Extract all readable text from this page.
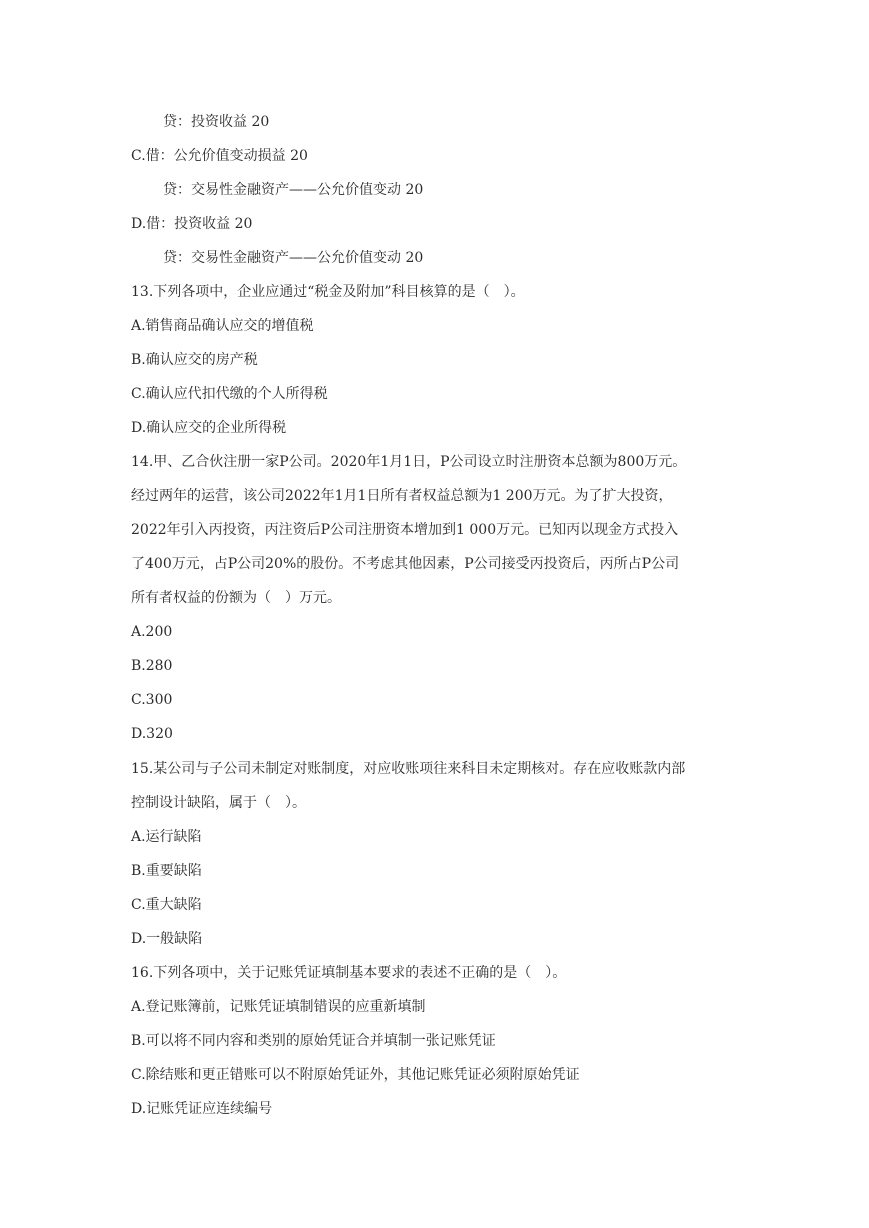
贷：投资收益 20
C.借：公允价值变动损益 20
贷：交易性金融资产——公允价值变动 20
D.借：投资收益 20
贷：交易性金融资产——公允价值变动 20
13.下列各项中，企业应通过“税金及附加”科目核算的是（　）。
A.销售商品确认应交的增值税
B.确认应交的房产税
C.确认应代扣代缴的个人所得税
D.确认应交的企业所得税
14.甲、乙合伙注册一家P公司。2020年1月1日，P公司设立时注册资本总额为800万元。
经过两年的运营，该公司2022年1月1日所有者权益总额为1 200万元。为了扩大投资，
2022年引入丙投资，丙注资后P公司注册资本增加到1 000万元。已知丙以现金方式投入
了400万元，占P公司20%的股份。不考虑其他因素，P公司接受丙投资后，丙所占P公司
所有者权益的份额为（　）万元。
A.200
B.280
C.300
D.320
15.某公司与子公司未制定对账制度，对应收账项往来科目未定期核对。存在应收账款内部
控制设计缺陷，属于（　）。
A.运行缺陷
B.重要缺陷
C.重大缺陷
D.一般缺陷
16.下列各项中，关于记账凭证填制基本要求的表述不正确的是（　）。
A.登记账簿前，记账凭证填制错误的应重新填制
B.可以将不同内容和类别的原始凭证合并填制一张记账凭证
C.除结账和更正错账可以不附原始凭证外，其他记账凭证必须附原始凭证
D.记账凭证应连续编号
